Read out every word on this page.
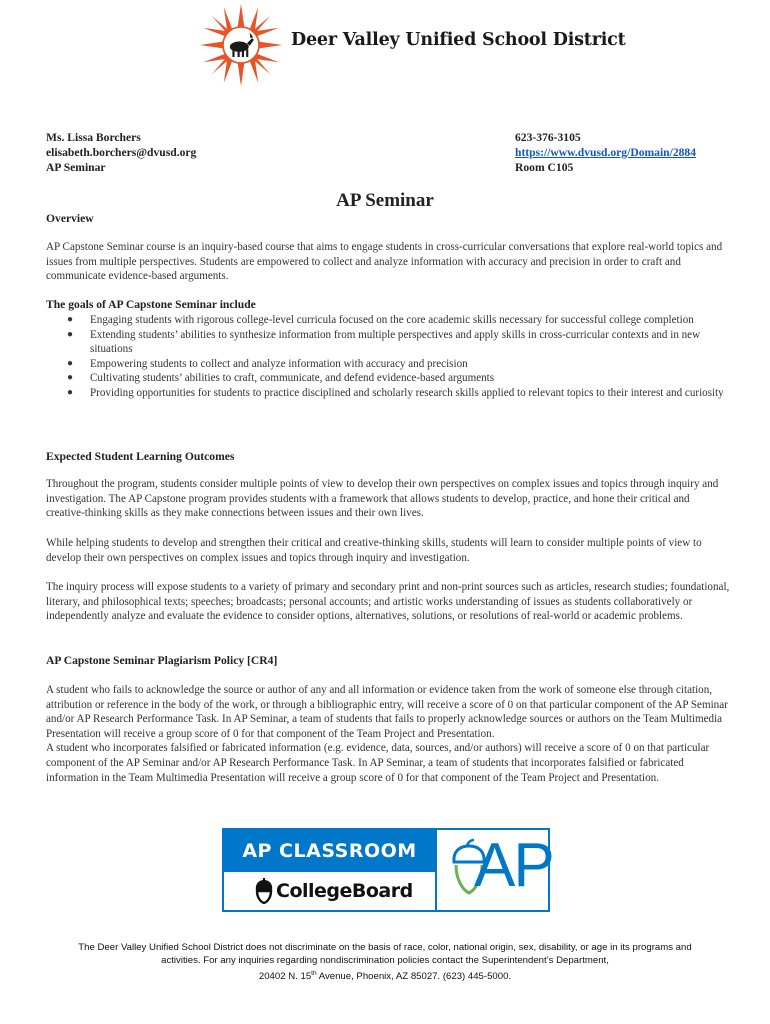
Deer Valley Unified School District
Ms. Lissa Borchers
elisabeth.borchers@dvusd.org
AP Seminar
623-376-3105
https://www.dvusd.org/Domain/2884
Room C105
AP Seminar
Overview

AP Capstone Seminar course is an inquiry-based course that aims to engage students in cross-curricular conversations that explore real-world topics and issues from multiple perspectives. Students are empowered to collect and analyze information with accuracy and precision in order to craft and communicate evidence-based arguments.

The goals of AP Capstone Seminar include
● Engaging students with rigorous college-level curricula focused on the core academic skills necessary for successful college completion
● Extending students’ abilities to synthesize information from multiple perspectives and apply skills in cross-curricular contexts and in new situations
● Empowering students to collect and analyze information with accuracy and precision
● Cultivating students’ abilities to craft, communicate, and defend evidence-based arguments
● Providing opportunities for students to practice disciplined and scholarly research skills applied to relevant topics to their interest and curiosity
Expected Student Learning Outcomes

Throughout the program, students consider multiple points of view to develop their own perspectives on complex issues and topics through inquiry and investigation. The AP Capstone program provides students with a framework that allows students to develop, practice, and hone their critical and creative-thinking skills as they make connections between issues and their own lives.

While helping students to develop and strengthen their critical and creative-thinking skills, students will learn to consider multiple points of view to develop their own perspectives on complex issues and topics through inquiry and investigation.

The inquiry process will expose students to a variety of primary and secondary print and non-print sources such as articles, research studies; foundational, literary, and philosophical texts; speeches; broadcasts; personal accounts; and artistic works understanding of issues as students collaboratively or independently analyze and evaluate the evidence to consider options, alternatives, solutions, or resolutions of real-world or academic problems.

AP Capstone Seminar Plagiarism Policy [CR4]

A student who fails to acknowledge the source or author of any and all information or evidence taken from the work of someone else through citation, attribution or reference in the body of the work, or through a bibliographic entry, will receive a score of 0 on that particular component of the AP Seminar and/or AP Research Performance Task. In AP Seminar, a team of students that fails to properly acknowledge sources or authors on the Team Multimedia Presentation will receive a group score of 0 for that component of the Team Project and Presentation.

A student who incorporates falsified or fabricated information (e.g. evidence, data, sources, and/or authors) will receive a score of 0 on that particular component of the AP Seminar and/or AP Research Performance Task. In AP Seminar, a team of students that incorporates falsified or fabricated information in the Team Multimedia Presentation will receive a group score of 0 for that component of the Team Project and Presentation.

AP CLASSROOM
CollegeBoard AP
The Deer Valley Unified School District does not discriminate on the basis of race, color, national origin, sex, disability, or age in its programs and
activities. For any inquiries regarding nondiscrimination policies contact the Superintendent’s Department,
20402 N. 15th Avenue, Phoenix, AZ 85027. (623) 445-5000.
